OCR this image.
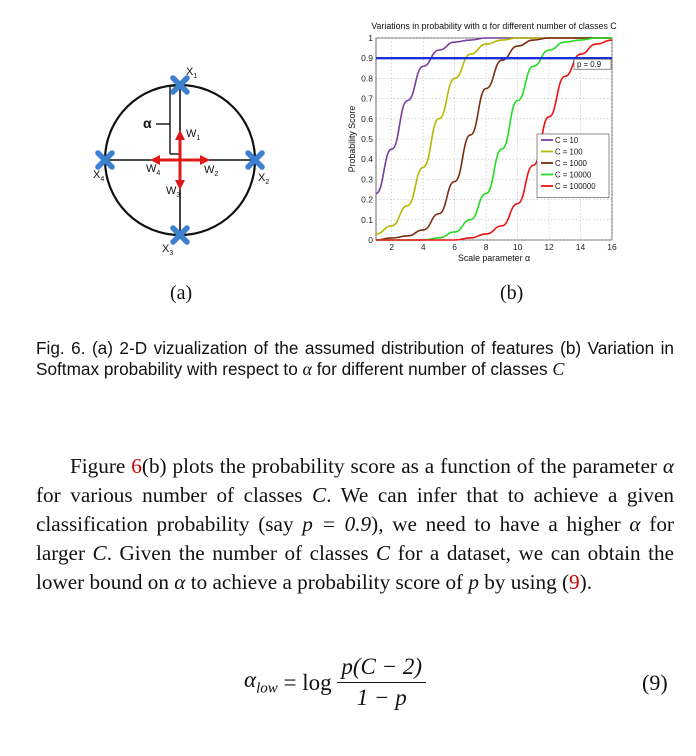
$X_1$
$X_2$
$X_3$
$X_4$
$W_1$
$W_2$
$W_3$
$W_4$
α
(a)
0
0.1
0.2
0.3
0.4
0.5
0.6
0.7
0.8
0.9
1
2	4	6	8	10	12	14	16
Variations in probability with α for different number of classes C
Scale parameter α
Probability Score
p = 0.9
C = 10
C = 100
C = 1000
C = 10000
C = 100000
(b)
Fig. 6. (a) 2-D vizualization of the assumed distribution of features (b) Variation in Softmax probability with respect to α for different number of classes C
Figure 6(b) plots the probability score as a function of the parameter α for various number of classes C. We can infer that to achieve a given classification probability (say p = 0.9), we need to have a higher α for larger C. Given the number of classes C for a dataset, we can obtain the lower bound on α to achieve a probability score of p by using (9).
$\alpha_{low} = \log \frac{p(C - 2)}{1 - p}$	(9)
